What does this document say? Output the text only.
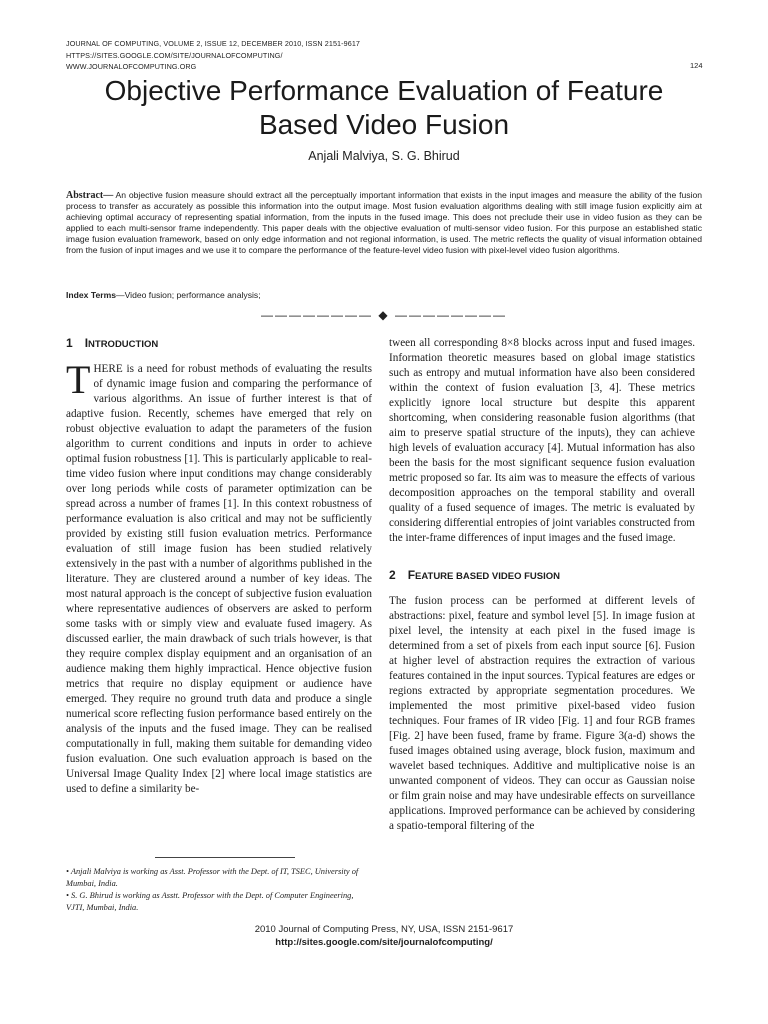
JOURNAL OF COMPUTING, VOLUME 2, ISSUE 12, DECEMBER 2010, ISSN 2151-9617
HTTPS://SITES.GOOGLE.COM/SITE/JOURNALOFCOMPUTING/
WWW.JOURNALOFCOMPUTING.ORG	124
Objective Performance Evaluation of Feature
Based Video Fusion
Anjali Malviya, S. G. Bhirud
Abstract— An objective fusion measure should extract all the perceptually important information that exists in the input images and measure the ability of the fusion process to transfer as accurately as possible this information into the output image. Most fusion evaluation algorithms dealing with still image fusion explicitly aim at achieving optimal accuracy of representing spatial information, from the inputs in the fused image. This does not preclude their use in video fusion as they can be applied to each multi-sensor frame independently. This paper deals with the objective evaluation of multi-sensor video fusion. For this purpose an established static image fusion evaluation framework, based on only edge information and not regional information, is used. The metric reflects the quality of visual information obtained from the fusion of input images and we use it to compare the performance of the feature-level video fusion with pixel-level video fusion algorithms.
Index Terms—Video fusion; performance analysis;
———————— ◆ ————————
1 INTRODUCTION

THERE is a need for robust methods of evaluating the results of dynamic image fusion and comparing the performance of various algorithms. An issue of further interest is that of adaptive fusion. Recently, schemes have emerged that rely on robust objective evaluation to adapt the parameters of the fusion algorithm to current conditions and inputs in order to achieve optimal fusion robustness [1]. This is particularly applicable to real-time video fusion where input conditions may change considerably over long periods while costs of parameter optimization can be spread across a number of frames [1]. In this context robustness of performance evaluation is also critical and may not be sufficiently provided by existing still fusion evaluation metrics. Performance evaluation of still image fusion has been studied relatively extensively in the past with a number of algorithms published in the literature. They are clustered around a number of key ideas. The most natural approach is the concept of subjective fusion evaluation where representative audiences of observers are asked to perform some tasks with or simply view and evaluate fused imagery. As discussed earlier, the main drawback of such trials however, is that they require complex display equipment and an organisation of an audience making them highly impractical. Hence objective fusion metrics that require no display equipment or audience have emerged. They require no ground truth data and produce a single numerical score reflecting fusion performance based entirely on the analysis of the inputs and the fused image. They can be realised computationally in full, making them suitable for demanding video fusion evaluation. One such evaluation approach is based on the Universal Image Quality Index [2] where local image statistics are used to define a similarity be-

tween all corresponding 8×8 blocks across input and fused images. Information theoretic measures based on global image statistics such as entropy and mutual information have also been considered within the context of fusion evaluation [3, 4]. These metrics explicitly ignore local structure but despite this apparent shortcoming, when considering reasonable fusion algorithms (that aim to preserve spatial structure of the inputs), they can achieve high levels of evaluation accuracy [4]. Mutual information has also been the basis for the most significant sequence fusion evaluation metric proposed so far. Its aim was to measure the effects of various decomposition approaches on the temporal stability and overall quality of a fused sequence of images. The metric is evaluated by considering differential entropies of joint variables constructed from the inter-frame differences of input images and the fused image.

2 FEATURE BASED VIDEO FUSION

The fusion process can be performed at different levels of abstractions: pixel, feature and symbol level [5]. In image fusion at pixel level, the intensity at each pixel in the fused image is determined from a set of pixels from each input source [6]. Fusion at higher level of abstraction requires the extraction of various features contained in the input sources. Typical features are edges or regions extracted by appropriate segmentation procedures. We implemented the most primitive pixel-based video fusion techniques. Four frames of IR video [Fig. 1] and four RGB frames [Fig. 2] have been fused, frame by frame. Figure 3(a-d) shows the fused images obtained using average, block fusion, maximum and wavelet based techniques. Additive and multiplicative noise is an unwanted component of videos. They can occur as Gaussian noise or film grain noise and may have undesirable effects on surveillance applications. Improved performance can be achieved by considering a spatio-temporal filtering of the

• Anjali Malviya is working as Asst. Professor with the Dept. of IT, TSEC, University of Mumbai, India.

• S. G. Bhirud is working as Asstt. Professor with the Dept. of Computer Engineering, VJTI, Mumbai, India.

2010 Journal of Computing Press, NY, USA, ISSN 2151-9617
http://sites.google.com/site/journalofcomputing/
